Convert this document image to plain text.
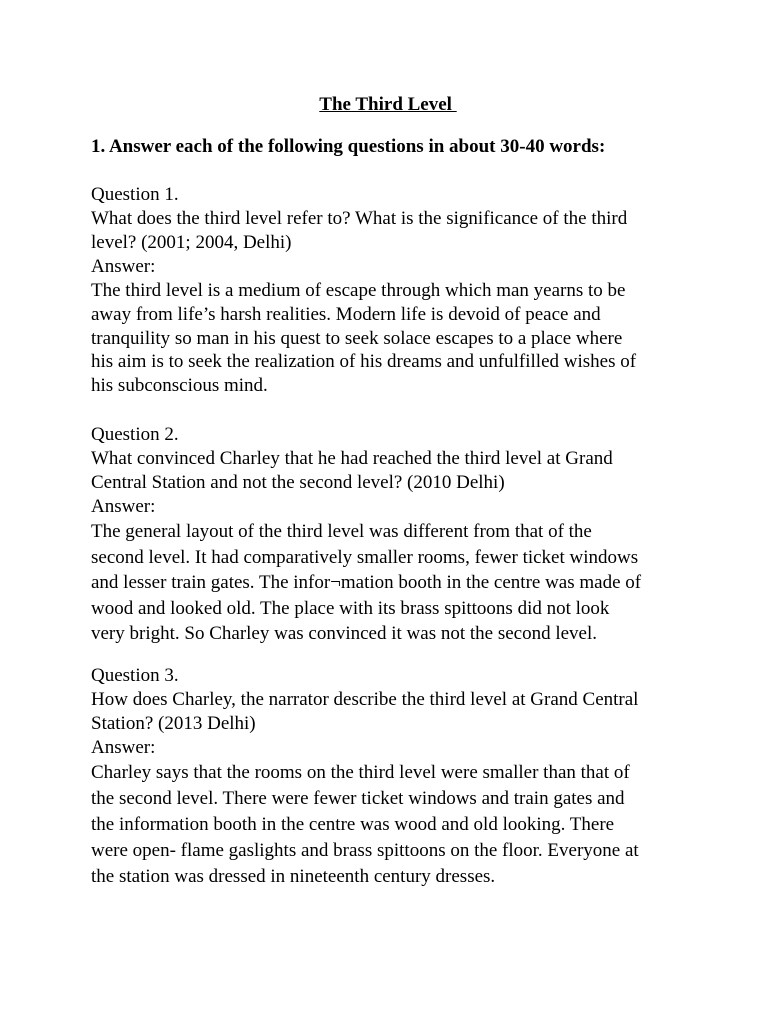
The Third Level
1. Answer each of the following questions in about 30-40 words:

Question 1.

What does the third level refer to? What is the significance of the third

level? (2001; 2004, Delhi)

Answer:

The third level is a medium of escape through which man yearns to be
away from life’s harsh realities. Modern life is devoid of peace and
tranquility so man in his quest to seek solace escapes to a place where
his aim is to seek the realization of his dreams and unfulfilled wishes of
his subconscious mind.

Question 2.

What convinced Charley that he had reached the third level at Grand

Central Station and not the second level? (2010 Delhi)

Answer:

The general layout of the third level was different from that of the
second level. It had comparatively smaller rooms, fewer ticket windows
and lesser train gates. The infor¬mation booth in the centre was made of
wood and looked old. The place with its brass spittoons did not look
very bright. So Charley was convinced it was not the second level.

Question 3.

How does Charley, the narrator describe the third level at Grand Central

Station? (2013 Delhi)

Answer:

Charley says that the rooms on the third level were smaller than that of
the second level. There were fewer ticket windows and train gates and
the information booth in the centre was wood and old looking. There
were open- flame gaslights and brass spittoons on the floor. Everyone at
the station was dressed in nineteenth century dresses.
